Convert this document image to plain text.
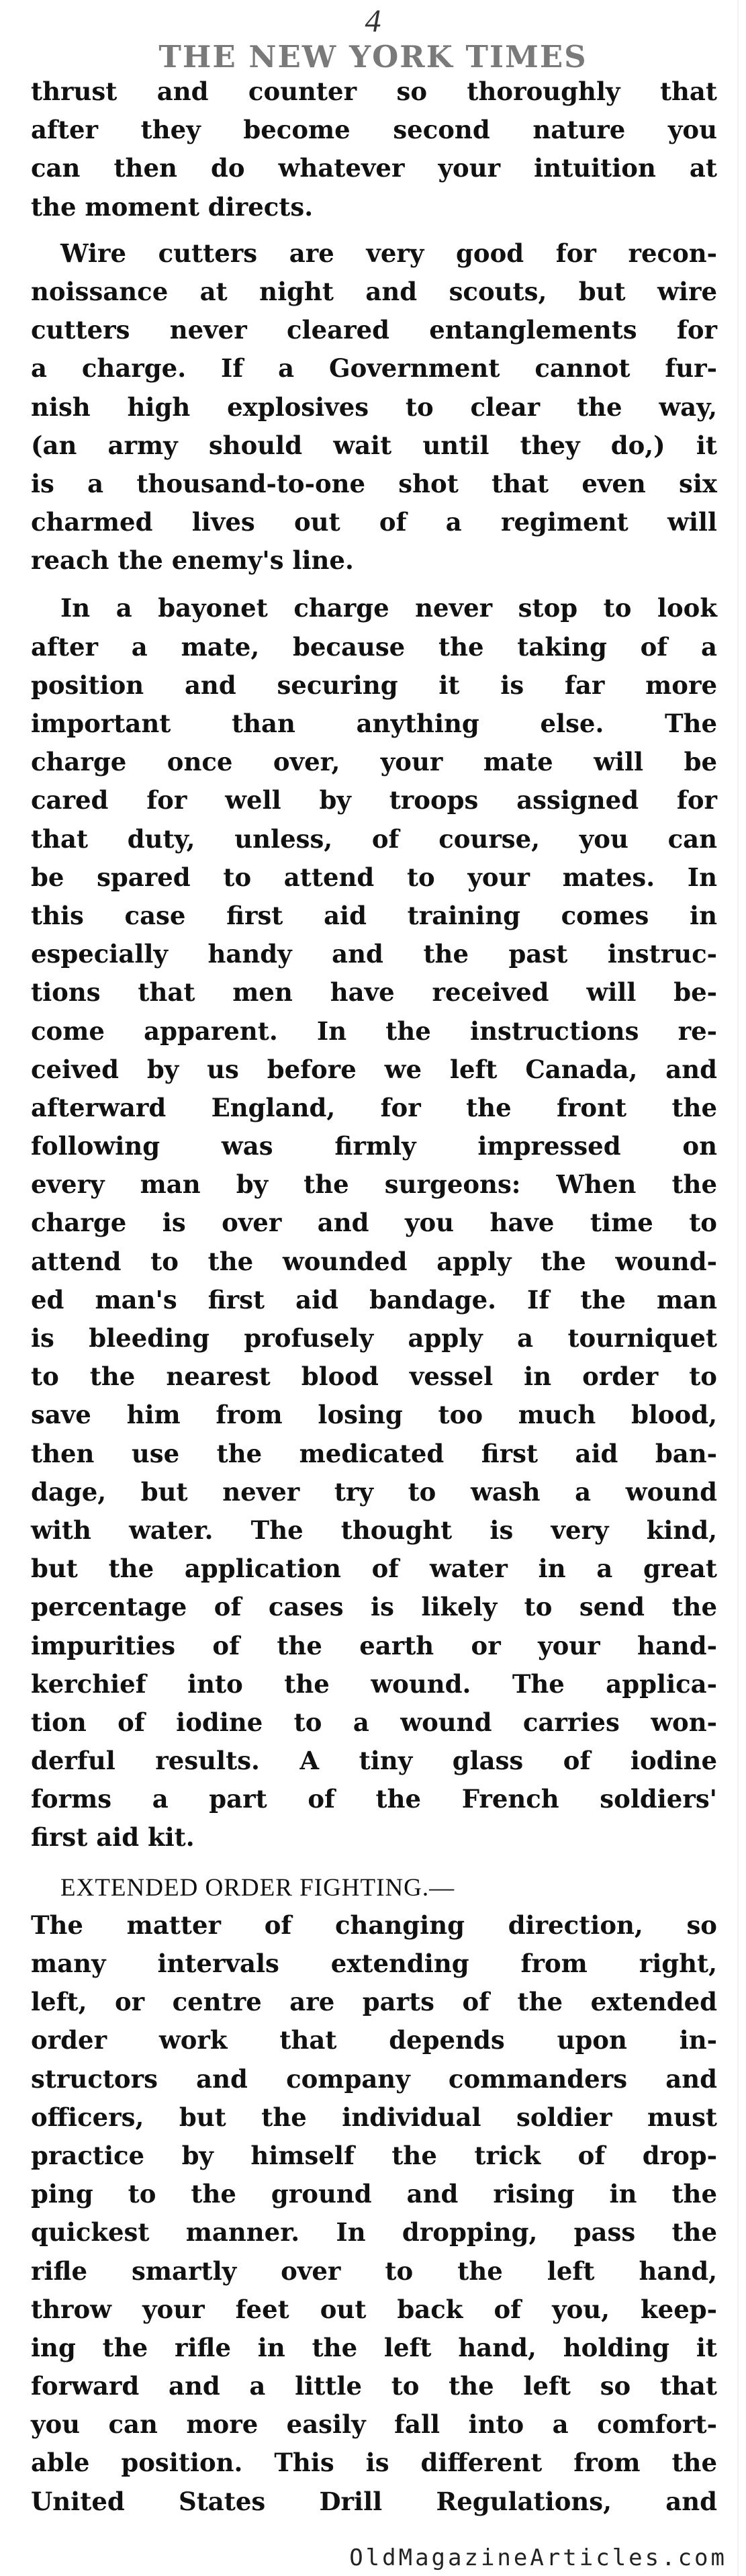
4
THE NEW YORK TIMES
thrust and counter so thoroughly that
after they become second nature you
can then do whatever your intuition at
the moment directs.
Wire cutters are very good for recon-
noissance at night and scouts, but wire
cutters never cleared entanglements for
a charge. If a Government cannot fur-
nish high explosives to clear the way,
(an army should wait until they do,) it
is a thousand-to-one shot that even six
charmed lives out of a regiment will
reach the enemy's line.
In a bayonet charge never stop to look
after a mate, because the taking of a
position and securing it is far more
important than anything else. The
charge once over, your mate will be
cared for well by troops assigned for
that duty, unless, of course, you can
be spared to attend to your mates. In
this case first aid training comes in
especially handy and the past instruc-
tions that men have received will be-
come apparent. In the instructions re-
ceived by us before we left Canada, and
afterward England, for the front the
following was firmly impressed on
every man by the surgeons: When the
charge is over and you have time to
attend to the wounded apply the wound-
ed man's first aid bandage. If the man
is bleeding profusely apply a tourniquet
to the nearest blood vessel in order to
save him from losing too much blood,
then use the medicated first aid ban-
dage, but never try to wash a wound
with water. The thought is very kind,
but the application of water in a great
percentage of cases is likely to send the
impurities of the earth or your hand-
kerchief into the wound. The applica-
tion of iodine to a wound carries won-
derful results. A tiny glass of iodine
forms a part of the French soldiers'
first aid kit.
EXTENDED ORDER FIGHTING.—
The matter of changing direction, so
many intervals extending from right,
left, or centre are parts of the extended
order work that depends upon in-
structors and company commanders and
officers, but the individual soldier must
practice by himself the trick of drop-
ping to the ground and rising in the
quickest manner. In dropping, pass the
rifle smartly over to the left hand,
throw your feet out back of you, keep-
ing the rifle in the left hand, holding it
forward and a little to the left so that
you can more easily fall into a comfort-
able position. This is different from the
United States Drill Regulations, and
OldMagazineArticles.com
